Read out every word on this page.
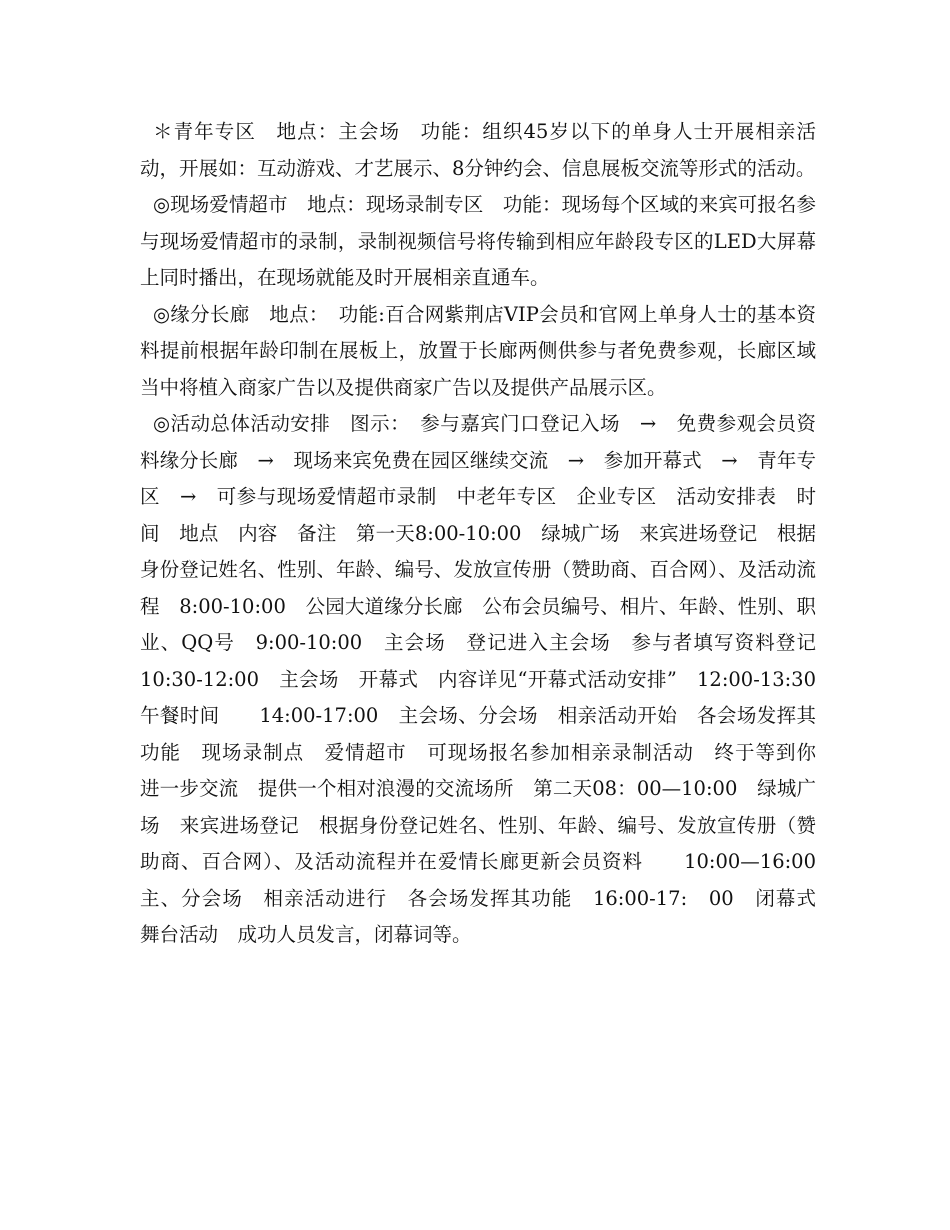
＊青年专区　地点：主会场　功能：组织45岁以下的单身人士开展相亲活动，开展如：互动游戏、才艺展示、8分钟约会、信息展板交流等形式的活动。

◎现场爱情超市　地点：现场录制专区　功能：现场每个区域的来宾可报名参与现场爱情超市的录制，录制视频信号将传输到相应年龄段专区的LED大屏幕上同时播出，在现场就能及时开展相亲直通车。

◎缘分长廊　地点：　功能:百合网紫荆店VIP会员和官网上单身人士的基本资料提前根据年龄印制在展板上，放置于长廊两侧供参与者免费参观，长廊区域当中将植入商家广告以及提供商家广告以及提供产品展示区。

◎活动总体活动安排　图示：　参与嘉宾门口登记入场　→　免费参观会员资料缘分长廊　→　现场来宾免费在园区继续交流　→　参加开幕式　→　青年专区　→　可参与现场爱情超市录制　中老年专区　企业专区　活动安排表　时间　地点　内容　备注　第一天8:00-10:00　绿城广场　来宾进场登记　根据身份登记姓名、性别、年龄、编号、发放宣传册（赞助商、百合网）、及活动流程　8:00-10:00　公园大道缘分长廊　公布会员编号、相片、年龄、性别、职业、QQ号　9:00-10:00　主会场　登记进入主会场　参与者填写资料登记　10:30-12:00　主会场　开幕式　内容详见“开幕式活动安排”　12:00-13:30　午餐时间　　14:00-17:00　主会场、分会场　相亲活动开始　各会场发挥其功能　现场录制点　爱情超市　可现场报名参加相亲录制活动　终于等到你　进一步交流　提供一个相对浪漫的交流场所　第二天08：00—10:00　绿城广场　来宾进场登记　根据身份登记姓名、性别、年龄、编号、发放宣传册（赞助商、百合网）、及活动流程并在爱情长廊更新会员资料　　10:00—16:00　主、分会场　相亲活动进行　各会场发挥其功能　16:00-17:　00　闭幕式　舞台活动　成功人员发言，闭幕词等。
